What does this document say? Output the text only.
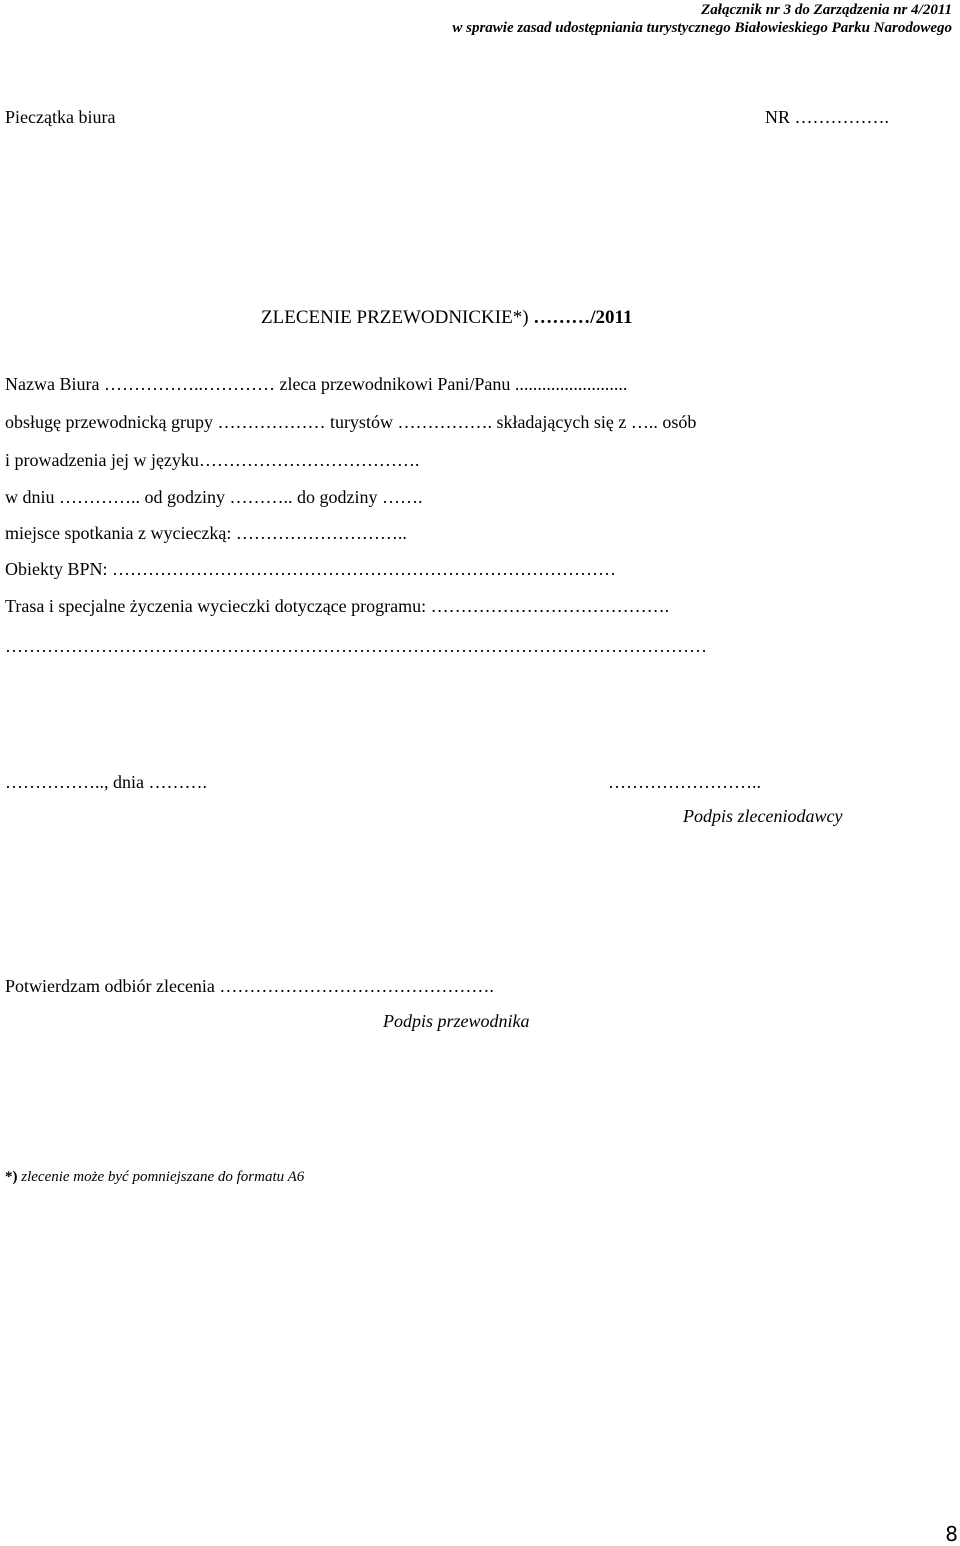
Załącznik nr 3 do Zarządzenia nr 4/2011
w sprawie zasad udostępniania turystycznego Białowieskiego Parku Narodowego
Pieczątka biura	NR …………….
ZLECENIE PRZEWODNICKIE*) ………/2011
Nazwa Biura ……………..………… zleca przewodnikowi Pani/Panu .........................
obsługę przewodnicką grupy ……………… turystów ……………. składających się z ….. osób
i prowadzenia jej w języku……………………………….
w dniu ………….. od godziny ……….. do godziny …….
miejsce spotkania z wycieczką: ………………………..
Obiekty BPN: …………………………………………………………………………
Trasa i specjalne życzenia wycieczki dotyczące programu: ………………………………….
………………………………………………………………………………………………………
…………….., dnia ……….	……………………..
Podpis zleceniodawcy
Potwierdzam odbiór zlecenia ……………………………………….
Podpis przewodnika
*) zlecenie może być pomniejszane do formatu A6
8
